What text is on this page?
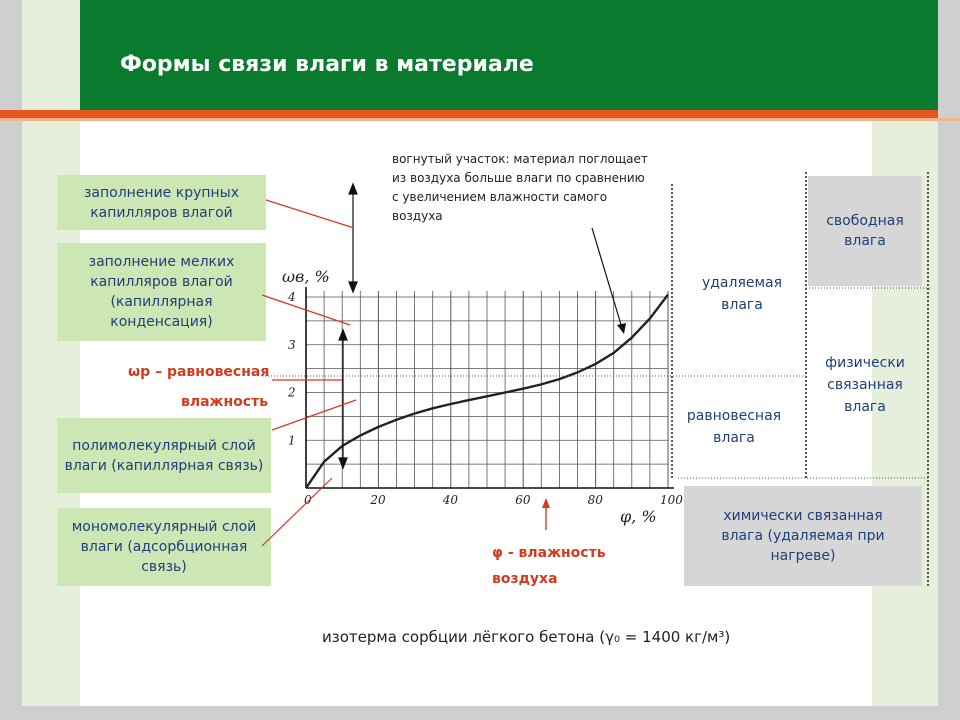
Формы связи влаги в материале
заполнение крупных капилляров влагой
заполнение мелких капилляров влагой (капиллярная конденсация)
полимолекулярный слой влаги (капиллярная связь)
мономолекулярный слой влаги (адсорбционная связь)
ωр – равновесная
влажность
φ - влажность
воздуха
вогнутый участок: материал поглощает из воздуха больше влаги по сравнению с увеличением влажности самого воздуха
удаляемая влага
равновесная влага
свободная влага
физически связанная влага
химически связанная влага (удаляемая при нагреве)
изотерма сорбции лёгкого бетона (γ₀ = 1400 кг/м³)
0	20	40	60	80	100
1
2
3
4
ωв, %
φ, %
